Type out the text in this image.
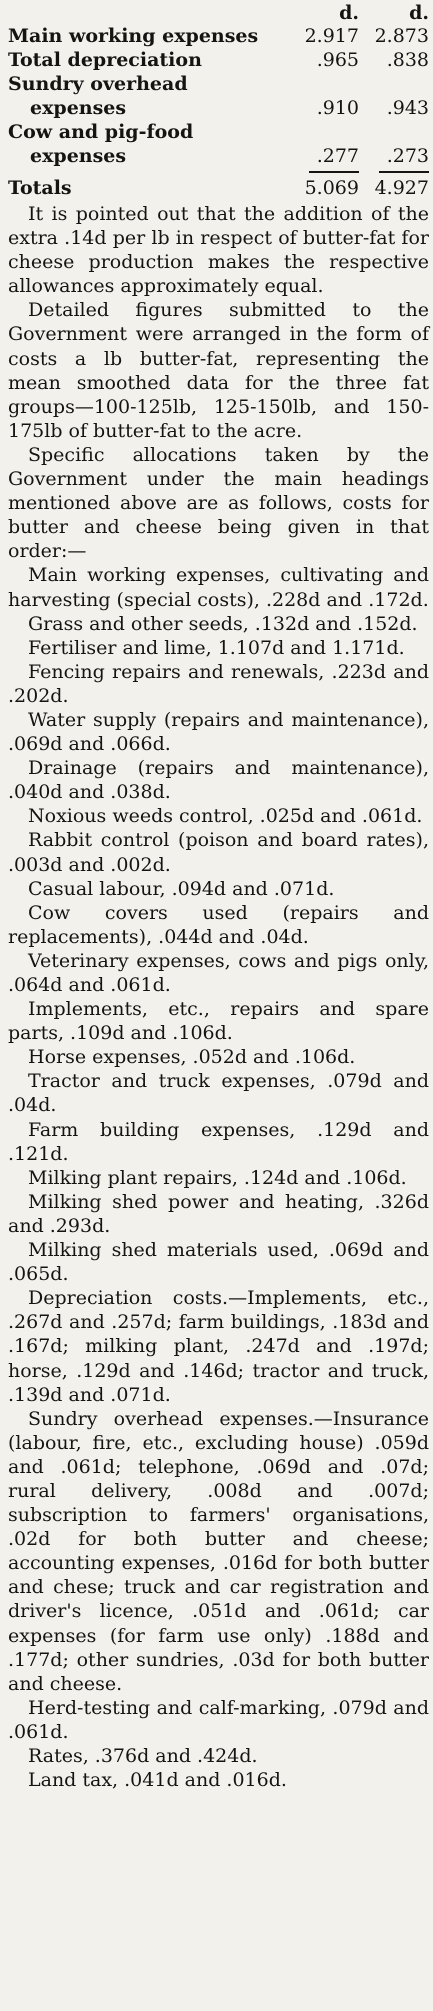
d.	d.
Main working expenses	2.917 2.873
Total depreciation	.965	.838
Sundry overhead
expenses	.910	.943
Cow and pig-food
expenses	.277	.273
Totals	5.069 4.927

It is pointed out that the addition of the extra .14d per lb in respect of butter-fat for cheese production makes the respective allowances approximately equal.

Detailed figures submitted to the Government were arranged in the form of costs a lb butter-fat, representing the mean smoothed data for the three fat groups—100-125lb, 125-150lb, and 150-175lb of butter-fat to the acre.

Specific allocations taken by the Government under the main headings mentioned above are as follows, costs for butter and cheese being given in that order:—

Main working expenses, cultivating and harvesting (special costs), .228d and .172d.

Grass and other seeds, .132d and .152d.

Fertiliser and lime, 1.107d and 1.171d.

Fencing repairs and renewals, .223d and .202d.

Water supply (repairs and maintenance), .069d and .066d.

Drainage (repairs and maintenance), .040d and .038d.

Noxious weeds control, .025d and .061d.

Rabbit control (poison and board rates), .003d and .002d.

Casual labour, .094d and .071d.

Cow covers used (repairs and replacements), .044d and .04d.

Veterinary expenses, cows and pigs only, .064d and .061d.

Implements, etc., repairs and spare parts, .109d and .106d.

Horse expenses, .052d and .106d.

Tractor and truck expenses, .079d and .04d.

Farm building expenses, .129d and .121d.

Milking plant repairs, .124d and .106d.

Milking shed power and heating, .326d and .293d.

Milking shed materials used, .069d and .065d.

Depreciation costs.—Implements, etc., .267d and .257d; farm buildings, .183d and .167d; milking plant, .247d and .197d; horse, .129d and .146d; tractor and truck, .139d and .071d.

Sundry overhead expenses.—Insurance (labour, fire, etc., excluding house) .059d and .061d; telephone, .069d and .07d; rural delivery, .008d and .007d; subscription to farmers' organisations, .02d for both butter and cheese; accounting expenses, .016d for both butter and chese; truck and car registration and driver's licence, .051d and .061d; car expenses (for farm use only) .188d and .177d; other sundries, .03d for both butter and cheese.

Herd-testing and calf-marking, .079d and .061d.

Rates, .376d and .424d.

Land tax, .041d and .016d.
